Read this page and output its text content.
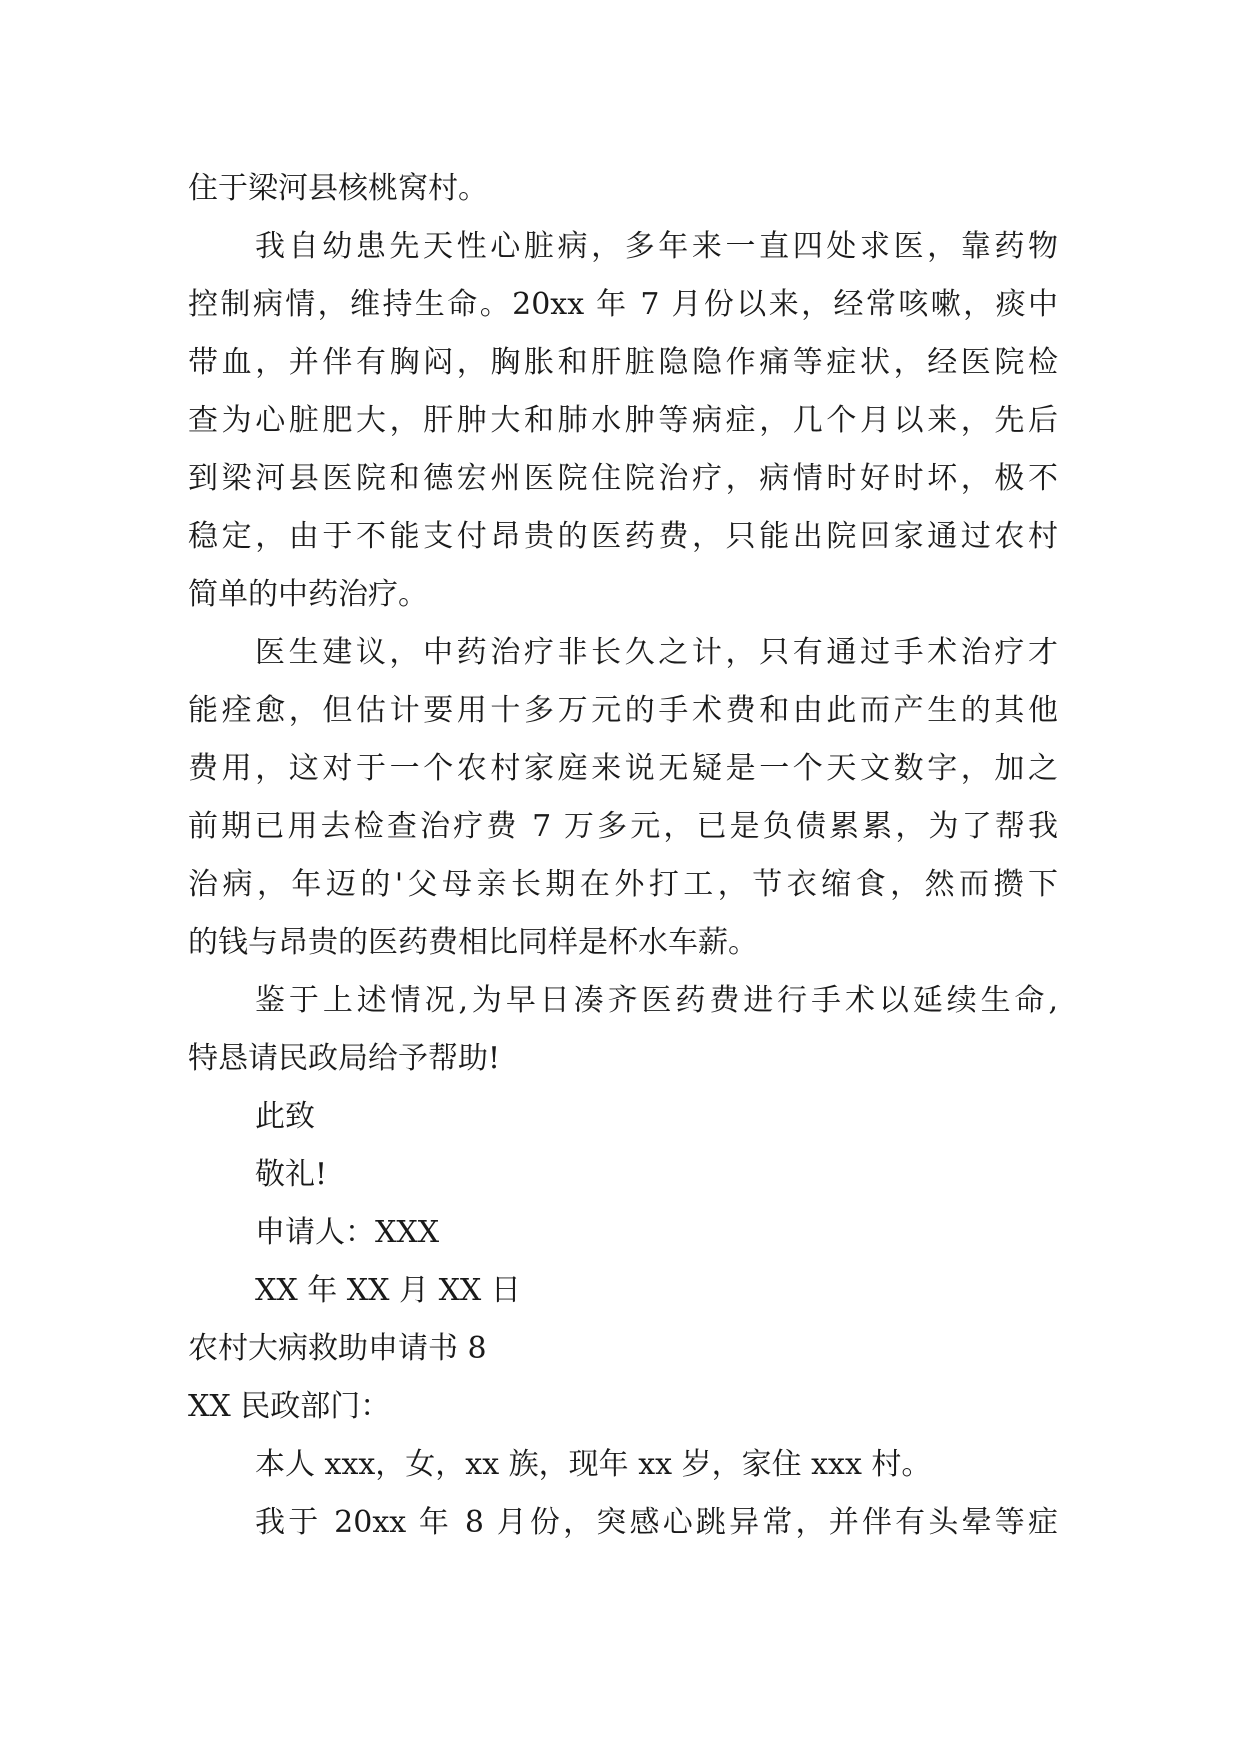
住于梁河县核桃窝村。
我自幼患先天性心脏病，多年来一直四处求医，靠药物
控制病情，维持生命。20xx 年 7 月份以来，经常咳嗽，痰中
带血，并伴有胸闷，胸胀和肝脏隐隐作痛等症状，经医院检
查为心脏肥大，肝肿大和肺水肿等病症，几个月以来，先后
到梁河县医院和德宏州医院住院治疗，病情时好时坏，极不
稳定，由于不能支付昂贵的医药费，只能出院回家通过农村
简单的中药治疗。
医生建议，中药治疗非长久之计，只有通过手术治疗才
能痊愈，但估计要用十多万元的手术费和由此而产生的其他
费用，这对于一个农村家庭来说无疑是一个天文数字，加之
前期已用去检查治疗费 7 万多元，已是负债累累，为了帮我
治病，年迈的'父母亲长期在外打工，节衣缩食，然而攒下
的钱与昂贵的医药费相比同样是杯水车薪。
鉴于上述情况,为早日凑齐医药费进行手术以延续生命,
特恳请民政局给予帮助!
此致
敬礼!
申请人：XXX
XX 年 XX 月 XX 日
农村大病救助申请书 8
XX 民政部门：
本人 xxx，女，xx 族，现年 xx 岁，家住 xxx 村。
我于 20xx 年 8 月份，突感心跳异常，并伴有头晕等症
